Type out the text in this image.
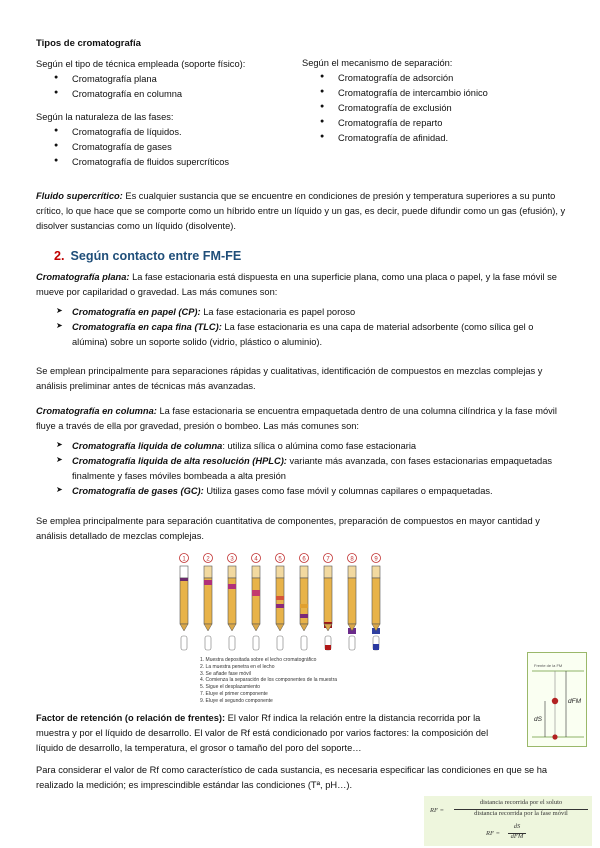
Tipos de cromatografía

Según el tipo de técnica empleada (soporte físico):

● Cromatografía plana
● Cromatografía en columna

Según la naturaleza de las fases:

● Cromatografía de líquidos.
● Cromatografía de gases
● Cromatografía de fluidos supercríticos

Según el mecanismo de separación:

● Cromatografía de adsorción
● Cromatografía de intercambio iónico
● Cromatografía de exclusión
● Cromatografía de reparto
● Cromatografía de afinidad.

Fluido supercrítico: Es cualquier sustancia que se encuentre en condiciones de presión y temperatura superiores a su punto crítico, lo que hace que se comporte como un híbrido entre un líquido y un gas, es decir, puede difundir como un gas (efusión), y disolver sustancias como un líquido (disolvente).

2. Según contacto entre FM-FE

Cromatografía plana: La fase estacionaria está dispuesta en una superficie plana, como una placa o papel, y la fase móvil se mueve por capilaridad o gravedad. Las más comunes son:

➤ Cromatografía en papel (CP): La fase estacionaria es papel poroso
➤ Cromatografía en capa fina (TLC): La fase estacionaria es una capa de material adsorbente (como sílica gel o alúmina) sobre un soporte solido (vidrio, plástico o aluminio).

Se emplean principalmente para separaciones rápidas y cualitativas, identificación de compuestos en mezclas complejas y análisis preliminar antes de técnicas más avanzadas.

Cromatografía en columna: La fase estacionaria se encuentra empaquetada dentro de una columna cilíndrica y la fase móvil fluye a través de ella por gravedad, presión o bombeo. Las más comunes son:

➤ Cromatografía liquida de columna: utiliza sílica o alúmina como fase estacionaria
➤ Cromatografía liquida de alta resolución (HPLC): variante más avanzada, con fases estacionarias empaquetadas finalmente y fases móviles bombeada a alta presión
➤ Cromatografía de gases (GC): Utiliza gases como fase móvil y columnas capilares o empaquetadas.

Se emplea principalmente para separación cuantitativa de componentes, preparación de compuestos en mayor cantidad y análisis detallado de mezclas complejas.

1	2	3	4	5	6	7	8	9
1. Muestra depositada sobre el lecho cromatográfico
2. La muestra penetra en el lecho
3. Se añade fase móvil
4. Comienza la separación de los componentes de la muestra
5. Sigue el desplazamiento
7. Eluye el primer componente
9. Eluye el segundo componente
Frente de la FM
dFM
dS

Factor de retención (o relación de frentes): El valor Rf indica la relación entre la distancia recorrida por la muestra y por el líquido de desarrollo. El valor de Rf está condicionado por varios factores: la composición del líquido de desarrollo, la temperatura, el grosor o tamaño del poro del soporte…

Para considerar el valor de Rf como característico de cada sustancia, es necesaria especificar las condiciones en que se ha realizado la medición; es imprescindible estándar las condiciones (Tª, pH…).

RF =
distancia recorrida por el soluto
distancia recorrida por la fase móvil
RF =
dS
dFM
